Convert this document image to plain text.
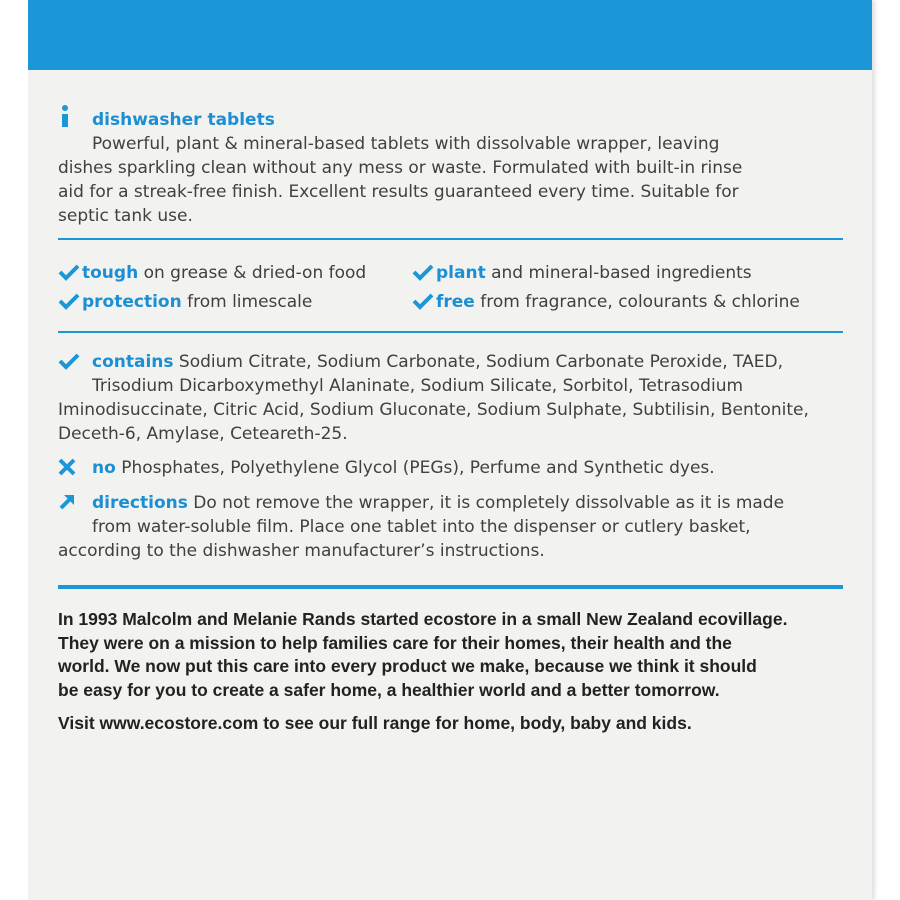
dishwasher tablets
Powerful, plant & mineral-based tablets with dissolvable wrapper, leaving
dishes sparkling clean without any mess or waste. Formulated with built-in rinse
aid for a streak-free finish. Excellent results guaranteed every time. Suitable for
septic tank use.
tough on grease & dried-on food	plant and mineral-based ingredients
protection from limescale	free from fragrance, colourants & chlorine
contains Sodium Citrate, Sodium Carbonate, Sodium Carbonate Peroxide, TAED,
Trisodium Dicarboxymethyl Alaninate, Sodium Silicate, Sorbitol, Tetrasodium
Iminodisuccinate, Citric Acid, Sodium Gluconate, Sodium Sulphate, Subtilisin, Bentonite,
Deceth-6, Amylase, Ceteareth-25.
no Phosphates, Polyethylene Glycol (PEGs), Perfume and Synthetic dyes.
directions Do not remove the wrapper, it is completely dissolvable as it is made
from water-soluble film. Place one tablet into the dispenser or cutlery basket,
according to the dishwasher manufacturer’s instructions.
In 1993 Malcolm and Melanie Rands started ecostore in a small New Zealand ecovillage.
They were on a mission to help families care for their homes, their health and the
world. We now put this care into every product we make, because we think it should
be easy for you to create a safer home, a healthier world and a better tomorrow.
Visit www.ecostore.com to see our full range for home, body, baby and kids.
